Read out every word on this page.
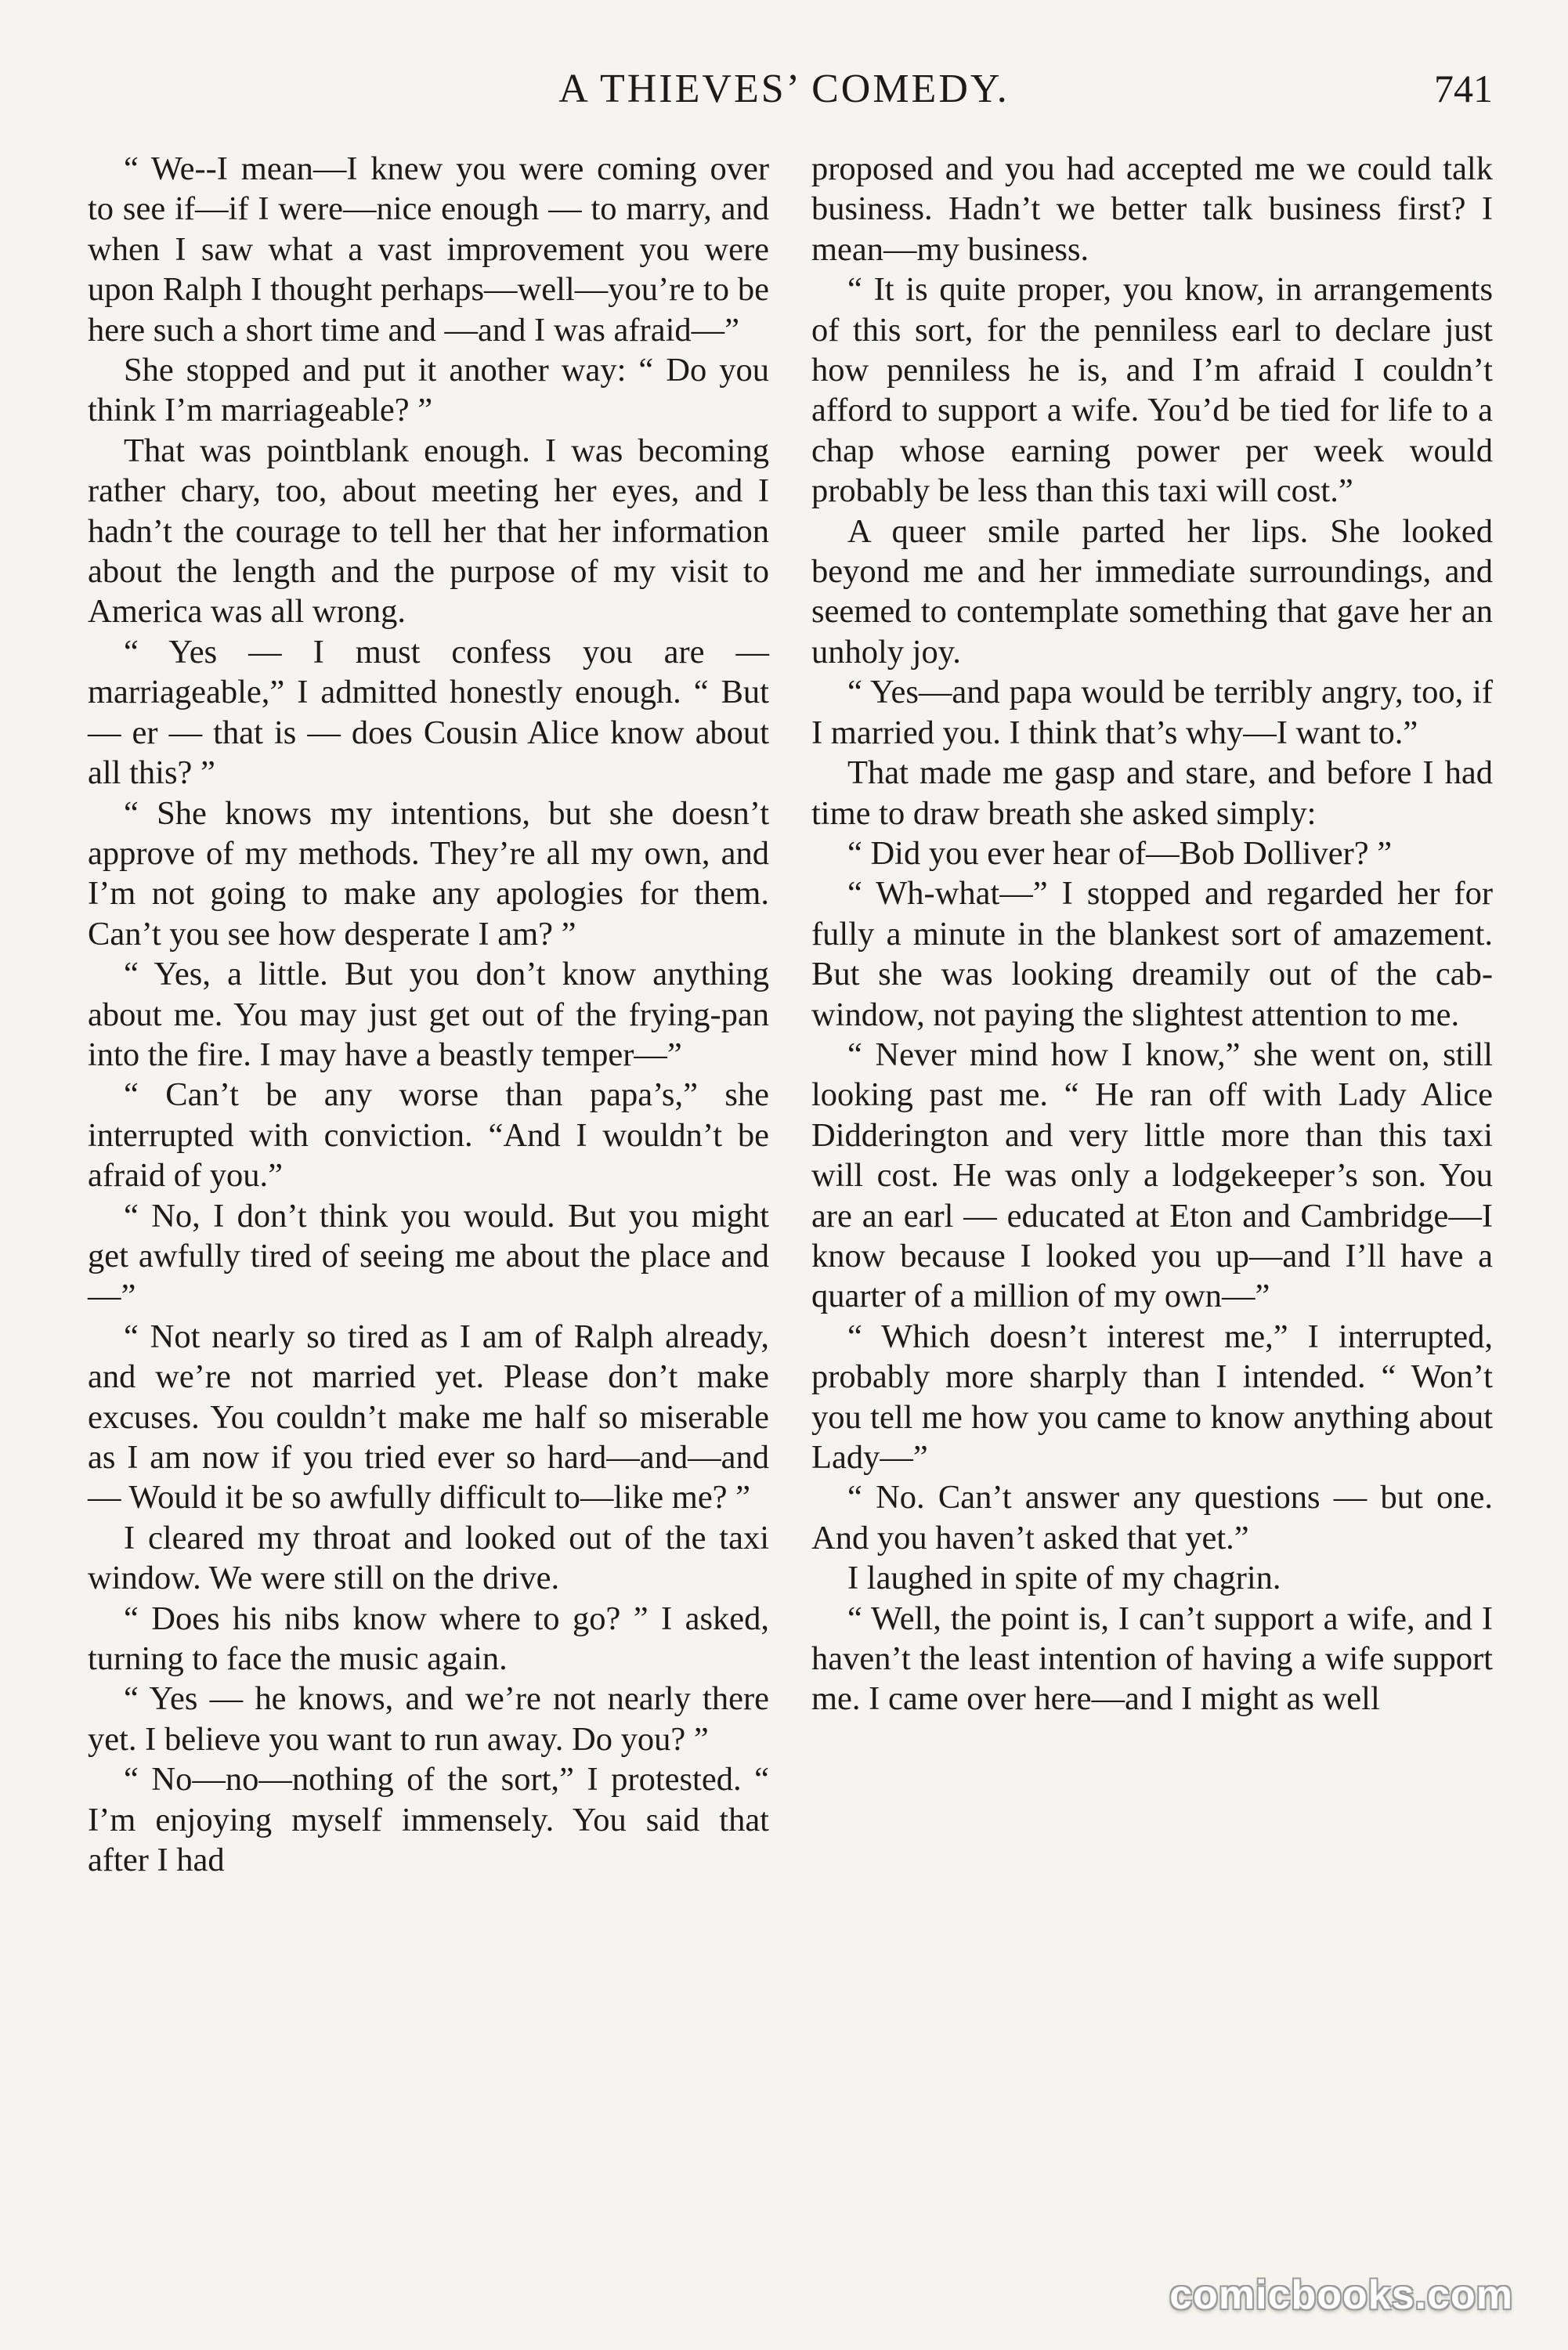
A THIEVES’ COMEDY.	741

“ We--I mean—I knew you were coming over to see if—if I were—nice enough — to marry, and when I saw what a vast improvement you were upon Ralph I thought perhaps—well—you’re to be here such a short time and —and I was afraid—”

She stopped and put it another way: “ Do you think I’m marriageable? ”

That was pointblank enough. I was becoming rather chary, too, about meeting her eyes, and I hadn’t the courage to tell her that her information about the length and the purpose of my visit to America was all wrong.

“ Yes — I must confess you are — marriageable,” I admitted honestly enough. “ But — er — that is — does Cousin Alice know about all this? ”

“ She knows my intentions, but she doesn’t approve of my methods. They’re all my own, and I’m not going to make any apologies for them. Can’t you see how desperate I am? ”

“ Yes, a little. But you don’t know anything about me. You may just get out of the frying-pan into the fire. I may have a beastly temper—”

“ Can’t be any worse than papa’s,” she interrupted with conviction. “And I wouldn’t be afraid of you.”

“ No, I don’t think you would. But you might get awfully tired of seeing me about the place and—”

“ Not nearly so tired as I am of Ralph already, and we’re not married yet. Please don’t make excuses. You couldn’t make me half so miserable as I am now if you tried ever so hard—and—and— Would it be so awfully difficult to—like me? ”

I cleared my throat and looked out of the taxi window. We were still on the drive.

“ Does his nibs know where to go? ” I asked, turning to face the music again.

“ Yes — he knows, and we’re not nearly there yet. I believe you want to run away. Do you? ”

“ No—no—nothing of the sort,” I protested. “ I’m enjoying myself immensely. You said that after I had

proposed and you had accepted me we could talk business. Hadn’t we better talk business first? I mean—my business.

“ It is quite proper, you know, in arrangements of this sort, for the penniless earl to declare just how penniless he is, and I’m afraid I couldn’t afford to support a wife. You’d be tied for life to a chap whose earning power per week would probably be less than this taxi will cost.”

A queer smile parted her lips. She looked beyond me and her immediate surroundings, and seemed to contemplate something that gave her an unholy joy.

“ Yes—and papa would be terribly angry, too, if I married you. I think that’s why—I want to.”

That made me gasp and stare, and before I had time to draw breath she asked simply:

“ Did you ever hear of—Bob Dolliver? ”

“ Wh-what—” I stopped and regarded her for fully a minute in the blankest sort of amazement. But she was looking dreamily out of the cab-window, not paying the slightest attention to me.

“ Never mind how I know,” she went on, still looking past me. “ He ran off with Lady Alice Didderington and very little more than this taxi will cost. He was only a lodgekeeper’s son. You are an earl — educated at Eton and Cambridge—I know because I looked you up—and I’ll have a quarter of a million of my own—”

“ Which doesn’t interest me,” I interrupted, probably more sharply than I intended. “ Won’t you tell me how you came to know anything about Lady—”

“ No. Can’t answer any questions — but one. And you haven’t asked that yet.”

I laughed in spite of my chagrin.

“ Well, the point is, I can’t support a wife, and I haven’t the least intention of having a wife support me. I came over here—and I might as well

comicbooks.com
